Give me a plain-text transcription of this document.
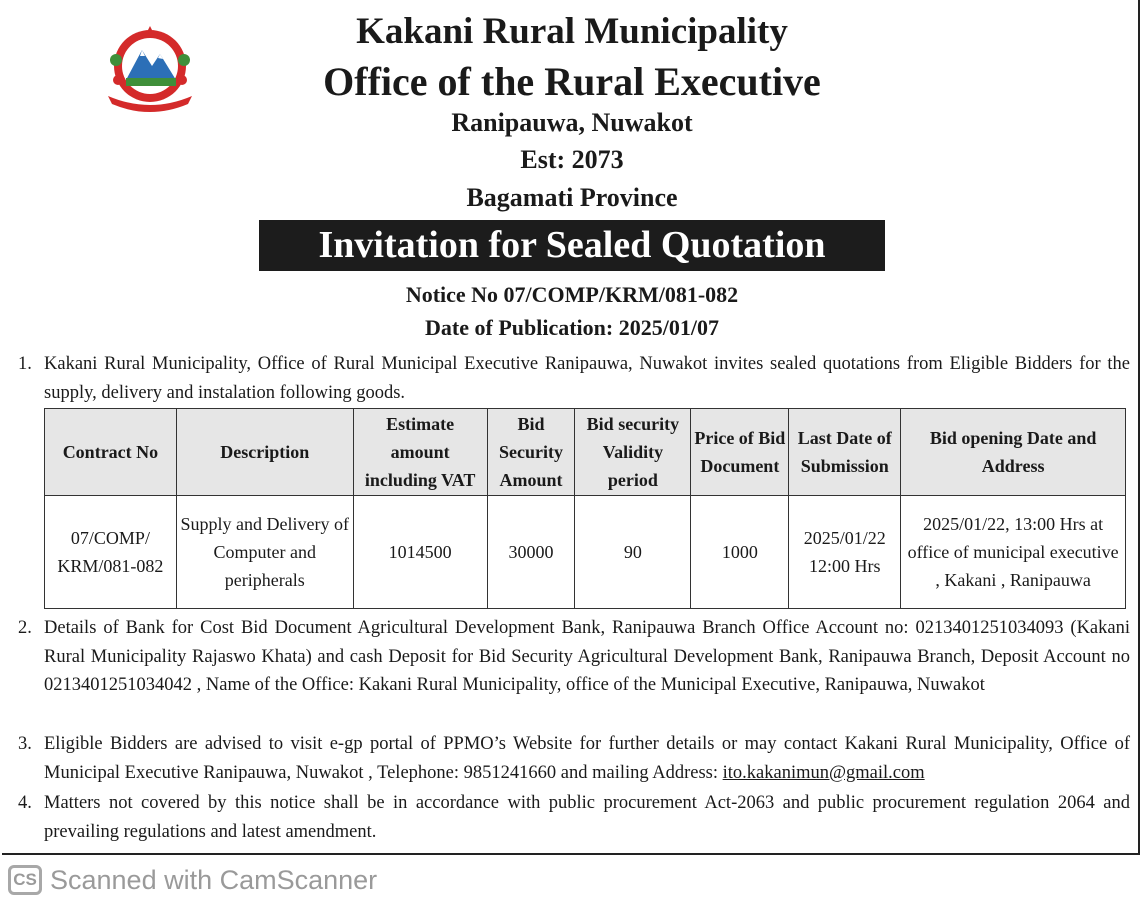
Kakani Rural Municipality
Office of the Rural Executive
Ranipauwa, Nuwakot
Est: 2073
Bagamati Province
Invitation for Sealed Quotation
Notice No 07/COMP/KRM/081-082
Date of Publication: 2025/01/07
1. Kakani Rural Municipality, Office of Rural Municipal Executive Ranipauwa, Nuwakot invites sealed quotations from Eligible Bidders for the supply, delivery and instalation following goods.
Contract No	Description	Estimate amount including VAT	Bid Security Amount	Bid security Validity period	Price of Bid Document	Last Date of Submission	Bid opening Date and Address
07/COMP/ KRM/081-082	Supply and Delivery of Computer and peripherals	1014500	30000	90	1000	2025/01/22 12:00 Hrs	2025/01/22, 13:00 Hrs at office of municipal executive , Kakani , Ranipauwa
2. Details of Bank for Cost Bid Document Agricultural Development Bank, Ranipauwa Branch Office Account no: 0213401251034093 (Kakani Rural Municipality Rajaswo Khata) and cash Deposit for Bid Security Agricultural Development Bank, Ranipauwa Branch, Deposit Account no 0213401251034042 , Name of the Office: Kakani Rural Municipality, office of the Municipal Executive, Ranipauwa, Nuwakot
3. Eligible Bidders are advised to visit e-gp portal of PPMO’s Website for further details or may contact Kakani Rural Municipality, Office of Municipal Executive Ranipauwa, Nuwakot , Telephone: 9851241660 and mailing Address: ito.kakanimun@gmail.com
4. Matters not covered by this notice shall be in accordance with public procurement Act-2063 and public procurement regulation 2064 and prevailing regulations and latest amendment.
CS Scanned with CamScanner
